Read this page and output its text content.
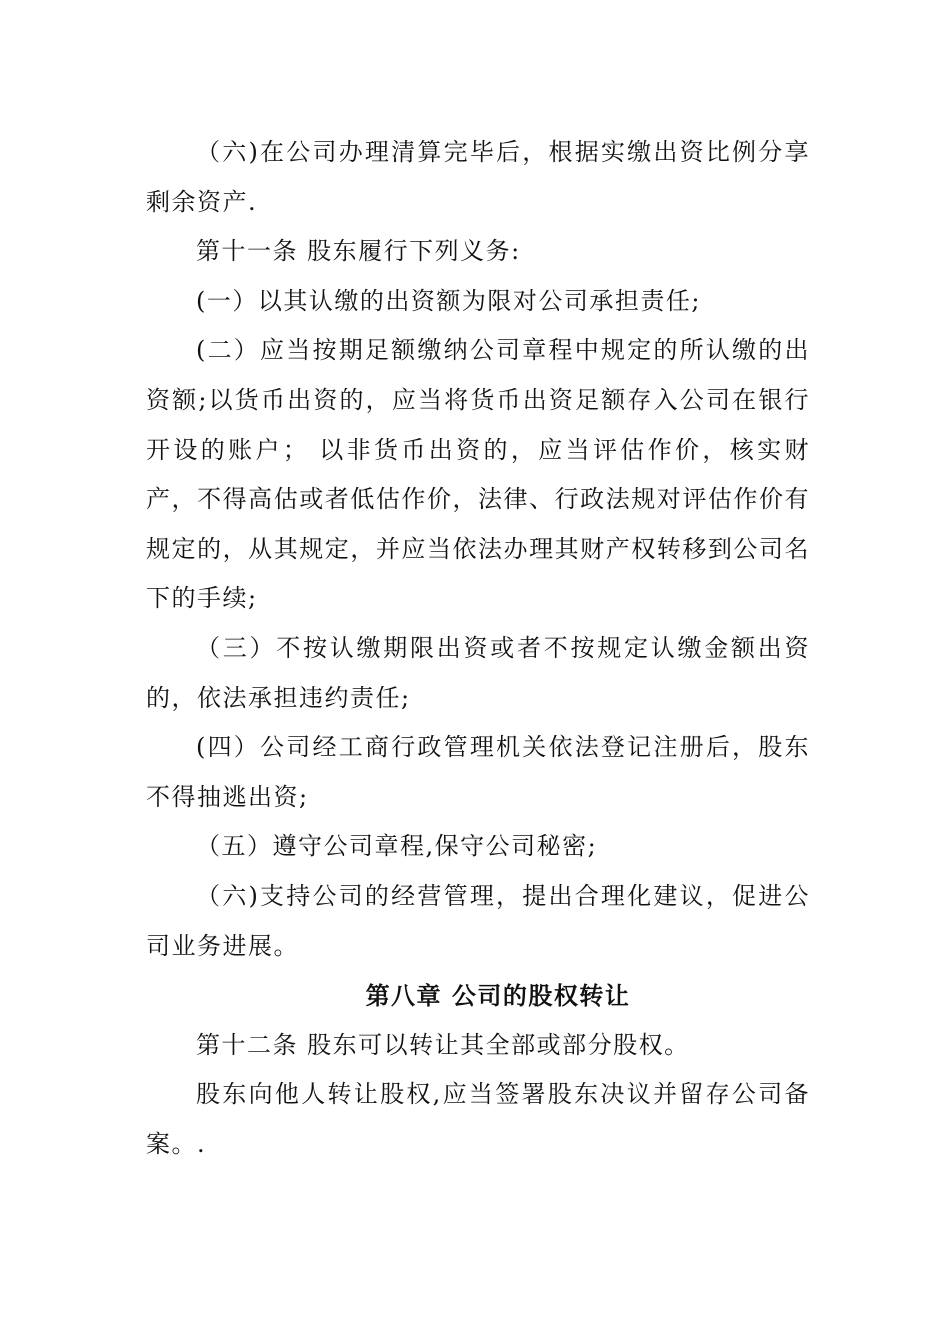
（六)在公司办理清算完毕后，根据实缴出资比例分享剩余资产.

第十一条 股东履行下列义务:

(一）以其认缴的出资额为限对公司承担责任;

(二）应当按期足额缴纳公司章程中规定的所认缴的出资额;以货币出资的，应当将货币出资足额存入公司在银行开设的账户； 以非货币出资的，应当评估作价，核实财产，不得高估或者低估作价，法律、行政法规对评估作价有规定的，从其规定，并应当依法办理其财产权转移到公司名下的手续;

（三）不按认缴期限出资或者不按规定认缴金额出资的，依法承担违约责任;

(四）公司经工商行政管理机关依法登记注册后，股东不得抽逃出资;

（五）遵守公司章程,保守公司秘密;

（六)支持公司的经营管理，提出合理化建议，促进公司业务进展。

第八章 公司的股权转让

第十二条 股东可以转让其全部或部分股权。

股东向他人转让股权,应当签署股东决议并留存公司备案。.
